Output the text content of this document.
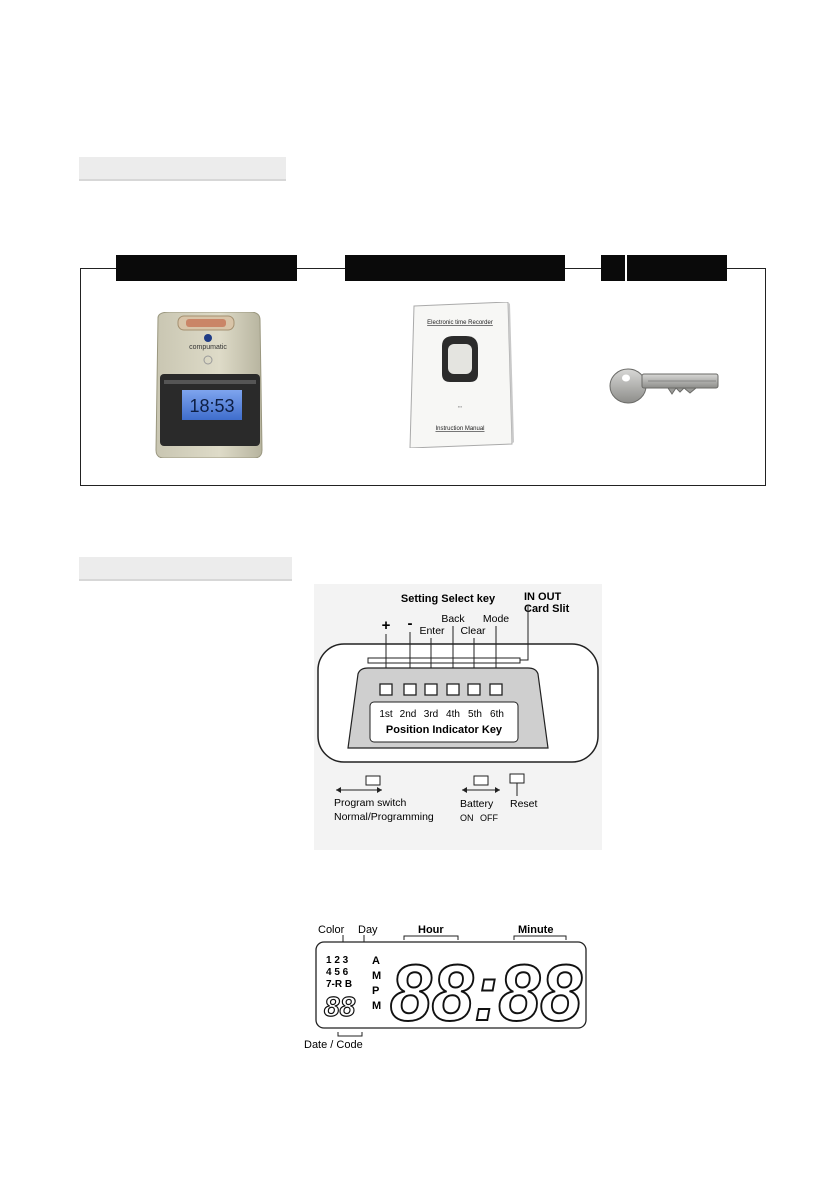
compumatic
18:53
Electronic time Recorder
▪▪▪
Instruction Manual
Setting Select key	IN OUT
Card Slit
+ - Enter
Back
Clear
Mode
1st 2nd 3rd 4th 5th 6th
Position Indicator Key
Program switch
Normal/Programming
Battery
ON OFF
Reset
Color Day	Hour	Minute
1 2 3
4 5 6
7-R B
A
M
P
M
88 88:88
Date / Code
